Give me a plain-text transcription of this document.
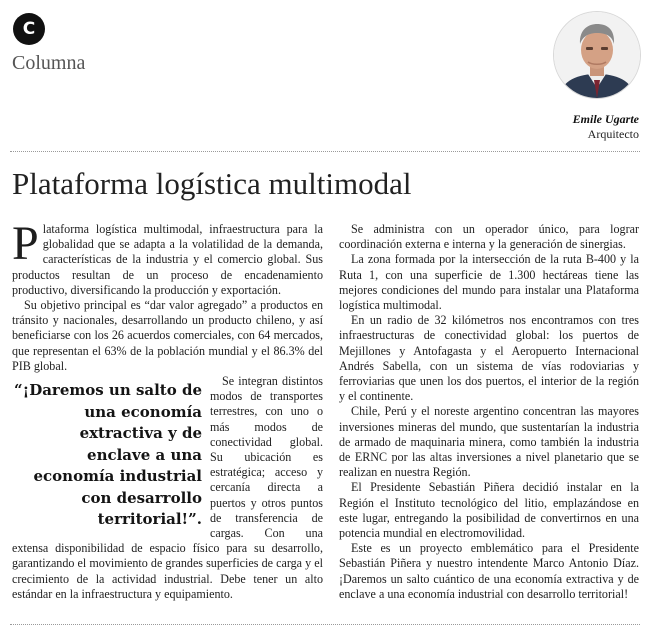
C
Columna
Emile Ugarte
Arquitecto
Plataforma logística multimodal

Plataforma logística multimodal, infraestructura para la globalidad que se adapta a la volatilidad de la demanda, características de la industria y el comercio global. Sus productos resultan de un proceso de encadenamiento productivo, diversificando la producción y exportación.

Su objetivo principal es “dar valor agregado” a productos en tránsito y nacionales, desarrollando un producto chileno, y así beneficiarse con los 26 acuerdos comerciales, con 64 mercados, que representan el 63% de la población mundial y el 86.3% del PIB global.

“¡Daremos un salto de una economía extractiva y de enclave a una economía industrial con desarrollo territorial!”.

Se integran distintos modos de transportes terrestres, con uno o más modos de conectividad global. Su ubicación es estratégica; acceso y cercanía directa a puertos y otros puntos de transferencia de cargas. Con una extensa disponibilidad de espacio físico para su desarrollo, garantizando el movimiento de grandes superficies de carga y el crecimiento de la actividad industrial. Debe tener un alto estándar en la infraestructura y equipamiento.

Se administra con un operador único, para lograr coordinación externa e interna y la generación de sinergias.

La zona formada por la intersección de la ruta B-400 y la Ruta 1, con una superficie de 1.300 hectáreas tiene las mejores condiciones del mundo para instalar una Plataforma logística multimodal.

En un radio de 32 kilómetros nos encontramos con tres infraestructuras de conectividad global: los puertos de Mejillones y Antofagasta y el Aeropuerto Internacional Andrés Sabella, con un sistema de vías rodoviarias y ferroviarias que unen los dos puertos, el interior de la región y el continente.

Chile, Perú y el noreste argentino concentran las mayores inversiones mineras del mundo, que sustentarían la industria de armado de maquinaria minera, como también la industria de ERNC por las altas inversiones a nivel planetario que se realizan en nuestra Región.

El Presidente Sebastián Piñera decidió instalar en la Región el Instituto tecnológico del litio, emplazándose en este lugar, entregando la posibilidad de convertirnos en una potencia mundial en electromovilidad.

Este es un proyecto emblemático para el Presidente Sebastián Piñera y nuestro intendente Marco Antonio Díaz. ¡Daremos un salto cuántico de una economía extractiva y de enclave a una economía industrial con desarrollo territorial!
